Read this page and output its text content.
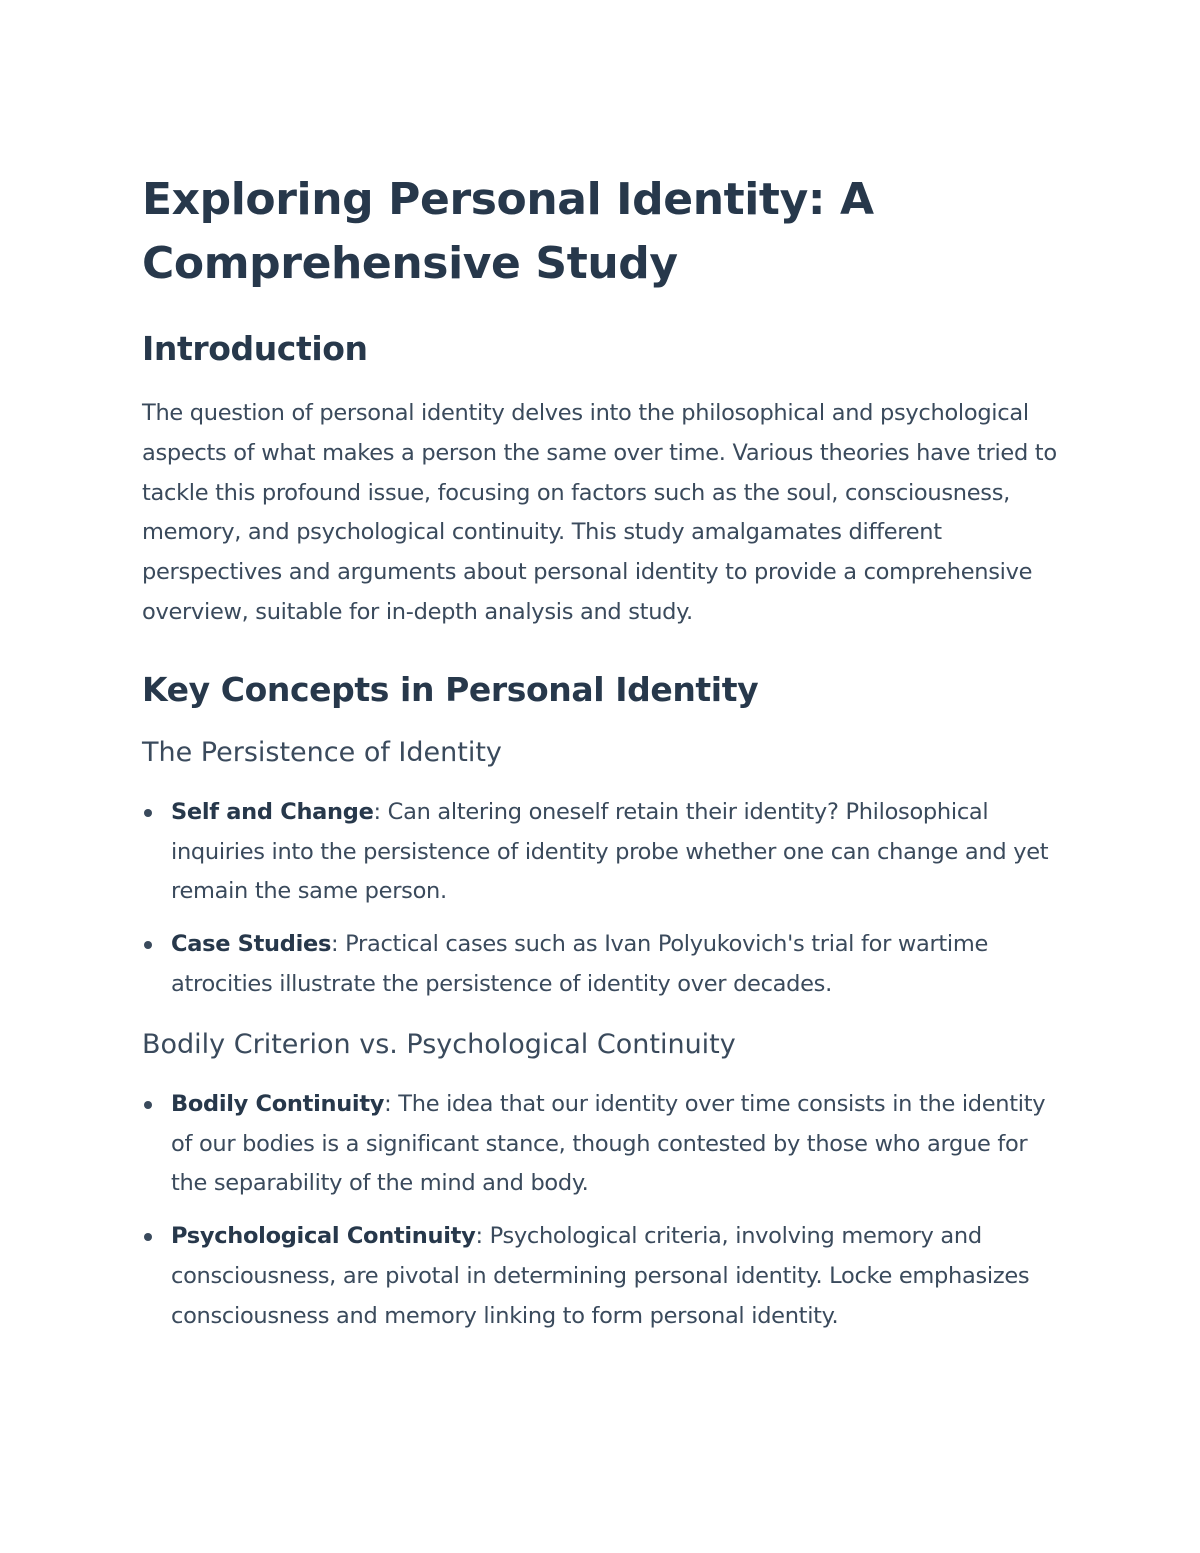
Exploring Personal Identity: A Comprehensive Study
Introduction

The question of personal identity delves into the philosophical and psychological aspects of what makes a person the same over time. Various theories have tried to tackle this profound issue, focusing on factors such as the soul, consciousness, memory, and psychological continuity. This study amalgamates different perspectives and arguments about personal identity to provide a comprehensive overview, suitable for in-depth analysis and study.

Key Concepts in Personal Identity
The Persistence of Identity
Self and Change: Can altering oneself retain their identity? Philosophical inquiries into the persistence of identity probe whether one can change and yet remain the same person.
Case Studies: Practical cases such as Ivan Polyukovich's trial for wartime atrocities illustrate the persistence of identity over decades.
Bodily Criterion vs. Psychological Continuity
Bodily Continuity: The idea that our identity over time consists in the identity of our bodies is a significant stance, though contested by those who argue for the separability of the mind and body.
Psychological Continuity: Psychological criteria, involving memory and consciousness, are pivotal in determining personal identity. Locke emphasizes consciousness and memory linking to form personal identity.
